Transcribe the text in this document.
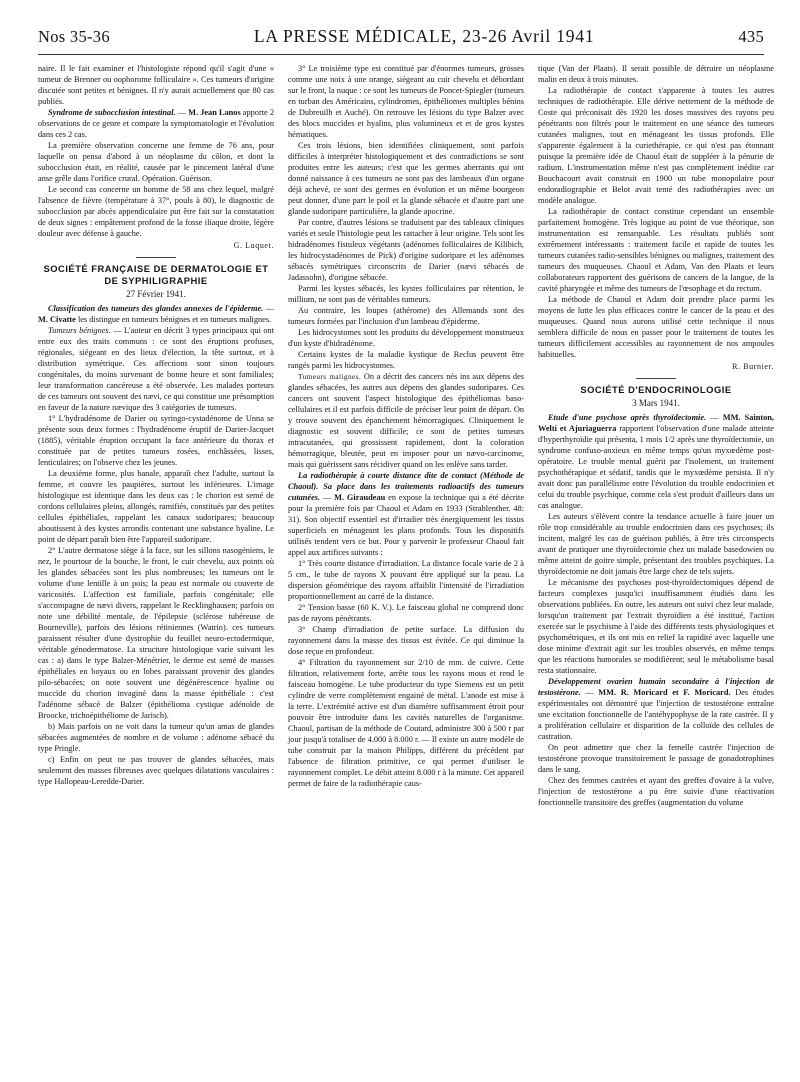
Nos 35-36	LA PRESSE MÉDICALE, 23-26 Avril 1941	435

naire. Il le fait examiner et l'histologiste répond qu'il s'agit d'une « tumeur de Brenner ou oophorome folliculaire ». Ces tumeurs d'origine discutée sont petites et bénignes. Il n'y aurait actuellement que 80 cas publiés.

Syndrome de subocclusion intestinal. — M. Jean Lanos apporte 2 observations de ce genre et compare la symptomatologie et l'évolution dans ces 2 cas.

La première observation concerne une femme de 76 ans, pour laquelle on pensa d'abord à un néoplasme du côlon, et dont la subocclusion était, en réalité, causée par le pincement latéral d'une anse grêle dans l'orifice crural. Opération. Guérison.

Le second cas concerne un homme de 58 ans chez lequel, malgré l'absence de fièvre (température à 37°, pouls à 80), le diagnostic de subocclusion par abcès appendiculaire put être fait sur la constatation de deux signes : empâtement profond de la fosse iliaque droite, légère douleur avec défense à gauche.

G. Luquet.

SOCIÉTÉ FRANÇAISE DE DERMATOLOGIE ET DE SYPHILIGRAPHIE

27 Février 1941.

Classification des tumeurs des glandes annexes de l'épiderme. — M. Civatte les distingue en tumeurs bénignes et en tumeurs malignes.

Tumeurs bénignes. — L'auteur en décrit 3 types principaux qui ont entre eux des traits communs : ce sont des éruptions profuses, régionales, siégeant en des lieux d'élection, la tête surtout, et à distribution symétrique. Ces affections sont sinon toujours congénitales, du moins survenant de bonne heure et sont familiales; leur transformation cancéreuse a été observée. Les malades porteurs de ces tumeurs ont souvent des nævi, ce qui constitue une présomption en faveur de la nature nævique des 3 catégories de tumeurs.

1° L'hydradénome de Darier ou syringo-cystadénome de Unna se présente sous deux formes : l'hydradénome éruptif de Darier-Jacquet (1885), véritable éruption occupant la face antérieure du thorax et constituée par de petites tumeurs rosées, enchâssées, lisses, lenticulaires; on l'observe chez les jeunes.

La deuxième forme, plus banale, apparaît chez l'adulte, surtout la femme, et couvre les paupières, surtout les inférieures. L'image histologique est identique dans les deux cas : le chorion est semé de cordons cellulaires pleins, allongés, ramifiés, constitués par des petites cellules épithéliales, rappelant les canaux sudoripares; beaucoup aboutissent à des kystes arrondis contenant une substance hyaline. Le point de départ paraît bien être l'appareil sudoripare.

2° L'autre dermatose siège à la face, sur les sillons nasogéniens, le nez, le pourtour de la bouche, le front, le cuir chevelu, aux points où les glandes sébacées sont les plus nombreuses; les tumeurs ont le volume d'une lentille à un pois; la peau est normale ou couverte de varicosités. L'affection est familiale, parfois congénitale; elle s'accompagne de nævi divers, rappelant le Recklinghausen; parfois on note une débilité mentale, de l'épilepsie (sclérose tubéreuse de Bourneville), parfois des lésions rétiniennes (Watrin). ces tumeurs paraissent résulter d'une dystrophie du feuillet neuro-ectodermique, véritable génodermatose. La structure histologique varie suivant les cas : a) dans le type Balzer-Ménétrier, le derme est semé de masses épithéliales en boyaux ou en lobes paraissant provenir des glandes pilo-sébacées; on note souvent une dégénérescence hyaline ou muccïde du chorion invaginé dans la masse épithéliale : c'est l'adénome sébacé de Balzer (épithélioma cystique adénoïde de Broocke, trichoépithéliome de Jarisch).

b) Mais parfois on ne voit dans la tumeur qu'un amas de glandes sébacées augmentées de nombre et de volume : adénome sébacé du type Pringle.

c) Enfin on peut ne pas trouver de glandes sébacées, mais seulement des masses fibreuses avec quelques dilatations vasculaires : type Hallopeau-Leredde-Darier.

3° Le troisième type est constitué par d'énormes tumeurs, grosses comme une noix à une orange, siégeant au cuir chevelu et débordant sur le front, la nuque : ce sont les tumeurs de Poncet-Spiegler (tumeurs en turban des Américains, cylindromes, épithéliomes multiples bénins de Dubreuilh et Auché). On retrouve les lésions du type Balzer avec des blocs muccïdes et hyalins, plus volumineux et et de gros kystes hématiques.

Ces trois lésions, bien identifiées cliniquement, sont parfois difficiles à interpréter histologiquement et des contradictions se sont produites entre les auteurs; c'est que les germes aberrants qui ont donné naissance à ces tumeurs ne sont pas des lambeaux d'un organe déjà achevé, ce sont des germes en évolution et un même bourgeon peut donner, d'une part le poil et la glande sébacée et d'autre part une glande sudoripare particulière, la glande apocrine.

Par contre, d'autres lésions se traduisent par des tableaux cliniques variés et seule l'histologie peut les rattacher à leur origine. Tels sont les hidradénomes fistuleux végétants (adénomes folliculaires de Kilibich, les hidrocystadénomes de Pick) d'origine sudoripare et les adénomes sébacés symétriques circonscrits de Darier (nævi sébacés de Jadassohn), d'origine sébacée.

Parmi les kystes sébacés, les kystes folliculaires par rétention, le millium, ne sont pas de véritables tumeurs.

Au contraire, les loupes (athérome) des Allemands sont des tumeurs formées par l'inclusion d'un lambeau d'épiderme.

Les hidrocystomes sont les produits du développement monstrueux d'un kyste d'hidradénome.

Certains kystes de la maladie kystique de Reclus peuvent être rangés parmi les hidrocystomes.

Tumeurs malignes. On a décrit des cancers nés ins aux dépens des glandes sébacées, les autres aux dépens des glandes sudoripares. Ces cancers ont souvent l'aspect histologique des épithéliomas baso-cellulaires et il est parfois difficile de préciser leur point de départ. On y trouve souvent des épanchement hémorragiques. Cliniquement le diagnostic est souvent difficile; ce sont de petites tumeurs intracutanées, qui grossissent rapidement, dont la coloration hémorragique, bleutée, peut en imposer pour un nævo-carcinome, mais qui guérissent sans récidiver quand on les enlève sans tarder.

La radiothérapie à courte distance dite de contact (Méthode de Chaoul). Sa place dans les traitements radioactifs des tumeurs cutanées. — M. Giraudeau en expose la technique qui a été décrite pour la première fois par Chaoul et Adam en 1933 (Strahlenther. 48: 31). Son objectif essentiel est d'irradier très énergiquement les tissus superficiels en ménageant les plans profonds. Tous les dispositifs utilisés tendent vers ce but. Pour y parvenir le professeur Chaoul fait appel aux artifices suivants :

1° Très courte distance d'irradiation. La distance focale varie de 2 à 5 cm., le tube de rayons X pouvant être appliqué sur la peau. La dispersion géométrique des rayons affaiblit l'intensité de l'irradiation proportionnellement au carré de la distance.

2° Tension basse (60 K. V.). Le faisceau global ne comprend donc pas de rayons pénétrants.

3° Champ d'irradiation de petite surface. La diffusion du rayonnement dans la masse des tissus est évitée. Ce qui diminue la dose reçue en profondeur.

4° Filtration du rayonnement sur 2/10 de mm. de cuivre. Cette filtration, relativement forte, arrête tous les rayons mous et rend le faisceau homogène. Le tube producteur du type Siemens est un petit cylindre de verre complètement engainé de métal. L'anode est mise à la terre. L'extrémité active est d'un diamètre suffisamment étroit pour pouvoir être introduite dans les cavités naturelles de l'organisme. Chaoul, partisan de la méthode de Coutard, administre 300 à 500 r par jour jusqu'à totaliser de 4.000 à 8.000 r. — Il existe un autre modèle de tube construit par la maison Philipps, différent du précédent par l'absence de filtration primitive, ce qui permet d'utiliser le rayonnement complet. Le débit atteint 8.000 r à la minute. Cet appareil permet de faire de la radiothérapie caus-

tique (Van der Plaats). Il serait possible de détruire un néoplasme malin en deux à trois minutes.

La radiothérapie de contact s'apparente à toutes les autres techniques de radiothérapie. Elle dérive nettement de la méthode de Coste qui préconisait dès 1920 les doses massives des rayons peu pénétrants non filtrés pour le traitement en une séance des tumeurs cutanées malignes, tout en ménageant les tissus profonds. Elle s'apparente également à la curiethérapie, ce qui n'est pas étonnant puisque la première idée de Chaoul était de suppléer à la pénurie de radium. L'instrumentation même n'est pas complètement inédite car Bouchacourt avait construit en 1900 un tube monopolaire pour endoradiographie et Belot avait tenté des radiothérapies avec un modèle analogue.

La radiothérapie de contact constitue cependant un ensemble parfaitement homogène. Très logique au point de vue théorique, son instrumentation est remarquable. Les résultats publiés sont extrêmement intéressants : traitement facile et rapide de toutes les tumeurs cutanées radio-sensibles bénignes ou malignes, traitement des tumeurs des muqueuses. Chaoul et Adam, Van den Plaats et leurs collaborateurs rapportent des guérisons de cancers de la langue, de la cavité pharyngée et même des tumeurs de l'œsophage et du rectum.

La méthode de Chaoul et Adam doit prendre place parmi les moyens de lutte les plus efficaces contre le cancer de la peau et des muqueuses. Quand nous aurons utilisé cette technique il nous semblera difficile de nous en passer pour le traitement de toutes les tumeurs difficilement accessibles au rayonnement de nos ampoules habituelles.

R. Burnier.

SOCIÉTÉ D'ENDOCRINOLOGIE

3 Mars 1941.

Etude d'une psychose après thyroïdectomie. — MM. Sainton, Welti et Ajuriaguerra rapportent l'observation d'une malade atteinte d'hyperthyroïdie qui présenta, 1 mois 1/2 après une thyroïdectomie, un syndrome confuso-anxieux en même temps qu'un myxœdème post-opératoire. Le trouble mental guérit par l'isolement, un traitement psychothérapique et sédatif, tandis que le myxœdème persista. Il n'y avait donc pas parallélisme entre l'évolution du trouble endocrinien et celui du trouble psychique, comme cela s'est produit d'ailleurs dans un cas analogue.

Les auteurs s'élèvent contre la tendance actuelle à faire jouer un rôle trop considérable au trouble endocrinien dans ces psychoses; ils incitent, malgré les cas de guérison publiés, à être très circonspects avant de pratiquer une thyroïdectomie chez un malade basedowien ou même atteint de goitre simple, présentant des troubles psychiques. La thyroïdectomie ne doit jamais être large chez de tels sujets.

Le mécanisme des psychoses post-thyroïdectomiques dépend de facteurs complexes jusqu'ici insuffisamment étudiés dans les observations publiées. En outre, les auteurs ont suivi chez leur malade, lorsqu'un traitement par l'extrait thyroïdien a été institué, l'action exercée sur le psychisme à l'aide des différents tests physiologiques et psychométriques, et ils ont mis en relief la rapidité avec laquelle une dose minime d'extrait agit sur les troubles observés, en même temps que les réactions humorales se modifièrent; seul le métabolisme basal resta stationnaire.

Développement ovarien humain secondaire à l'injection de testostérone. — MM. R. Moricard et F. Moricard. Des études expérimentales ont démontré que l'injection de testostérone entraîne une excitation fonctionnelle de l'antéhypophyse de la rate castrée. Il y a prolifération cellulaire et disparition de la colloïde des cellules de castration.

On peut admettre que chez la femelle castrée l'injection de testostérone provoque transitoirement le passage de gonadotrophines dans le sang.

Chez des femmes castrées et ayant des greffes d'ovaire à la vulve, l'injection de testostérone a pu être suivie d'une réactivation fonctionnelle transitoire des greffes (augmentation du volume
